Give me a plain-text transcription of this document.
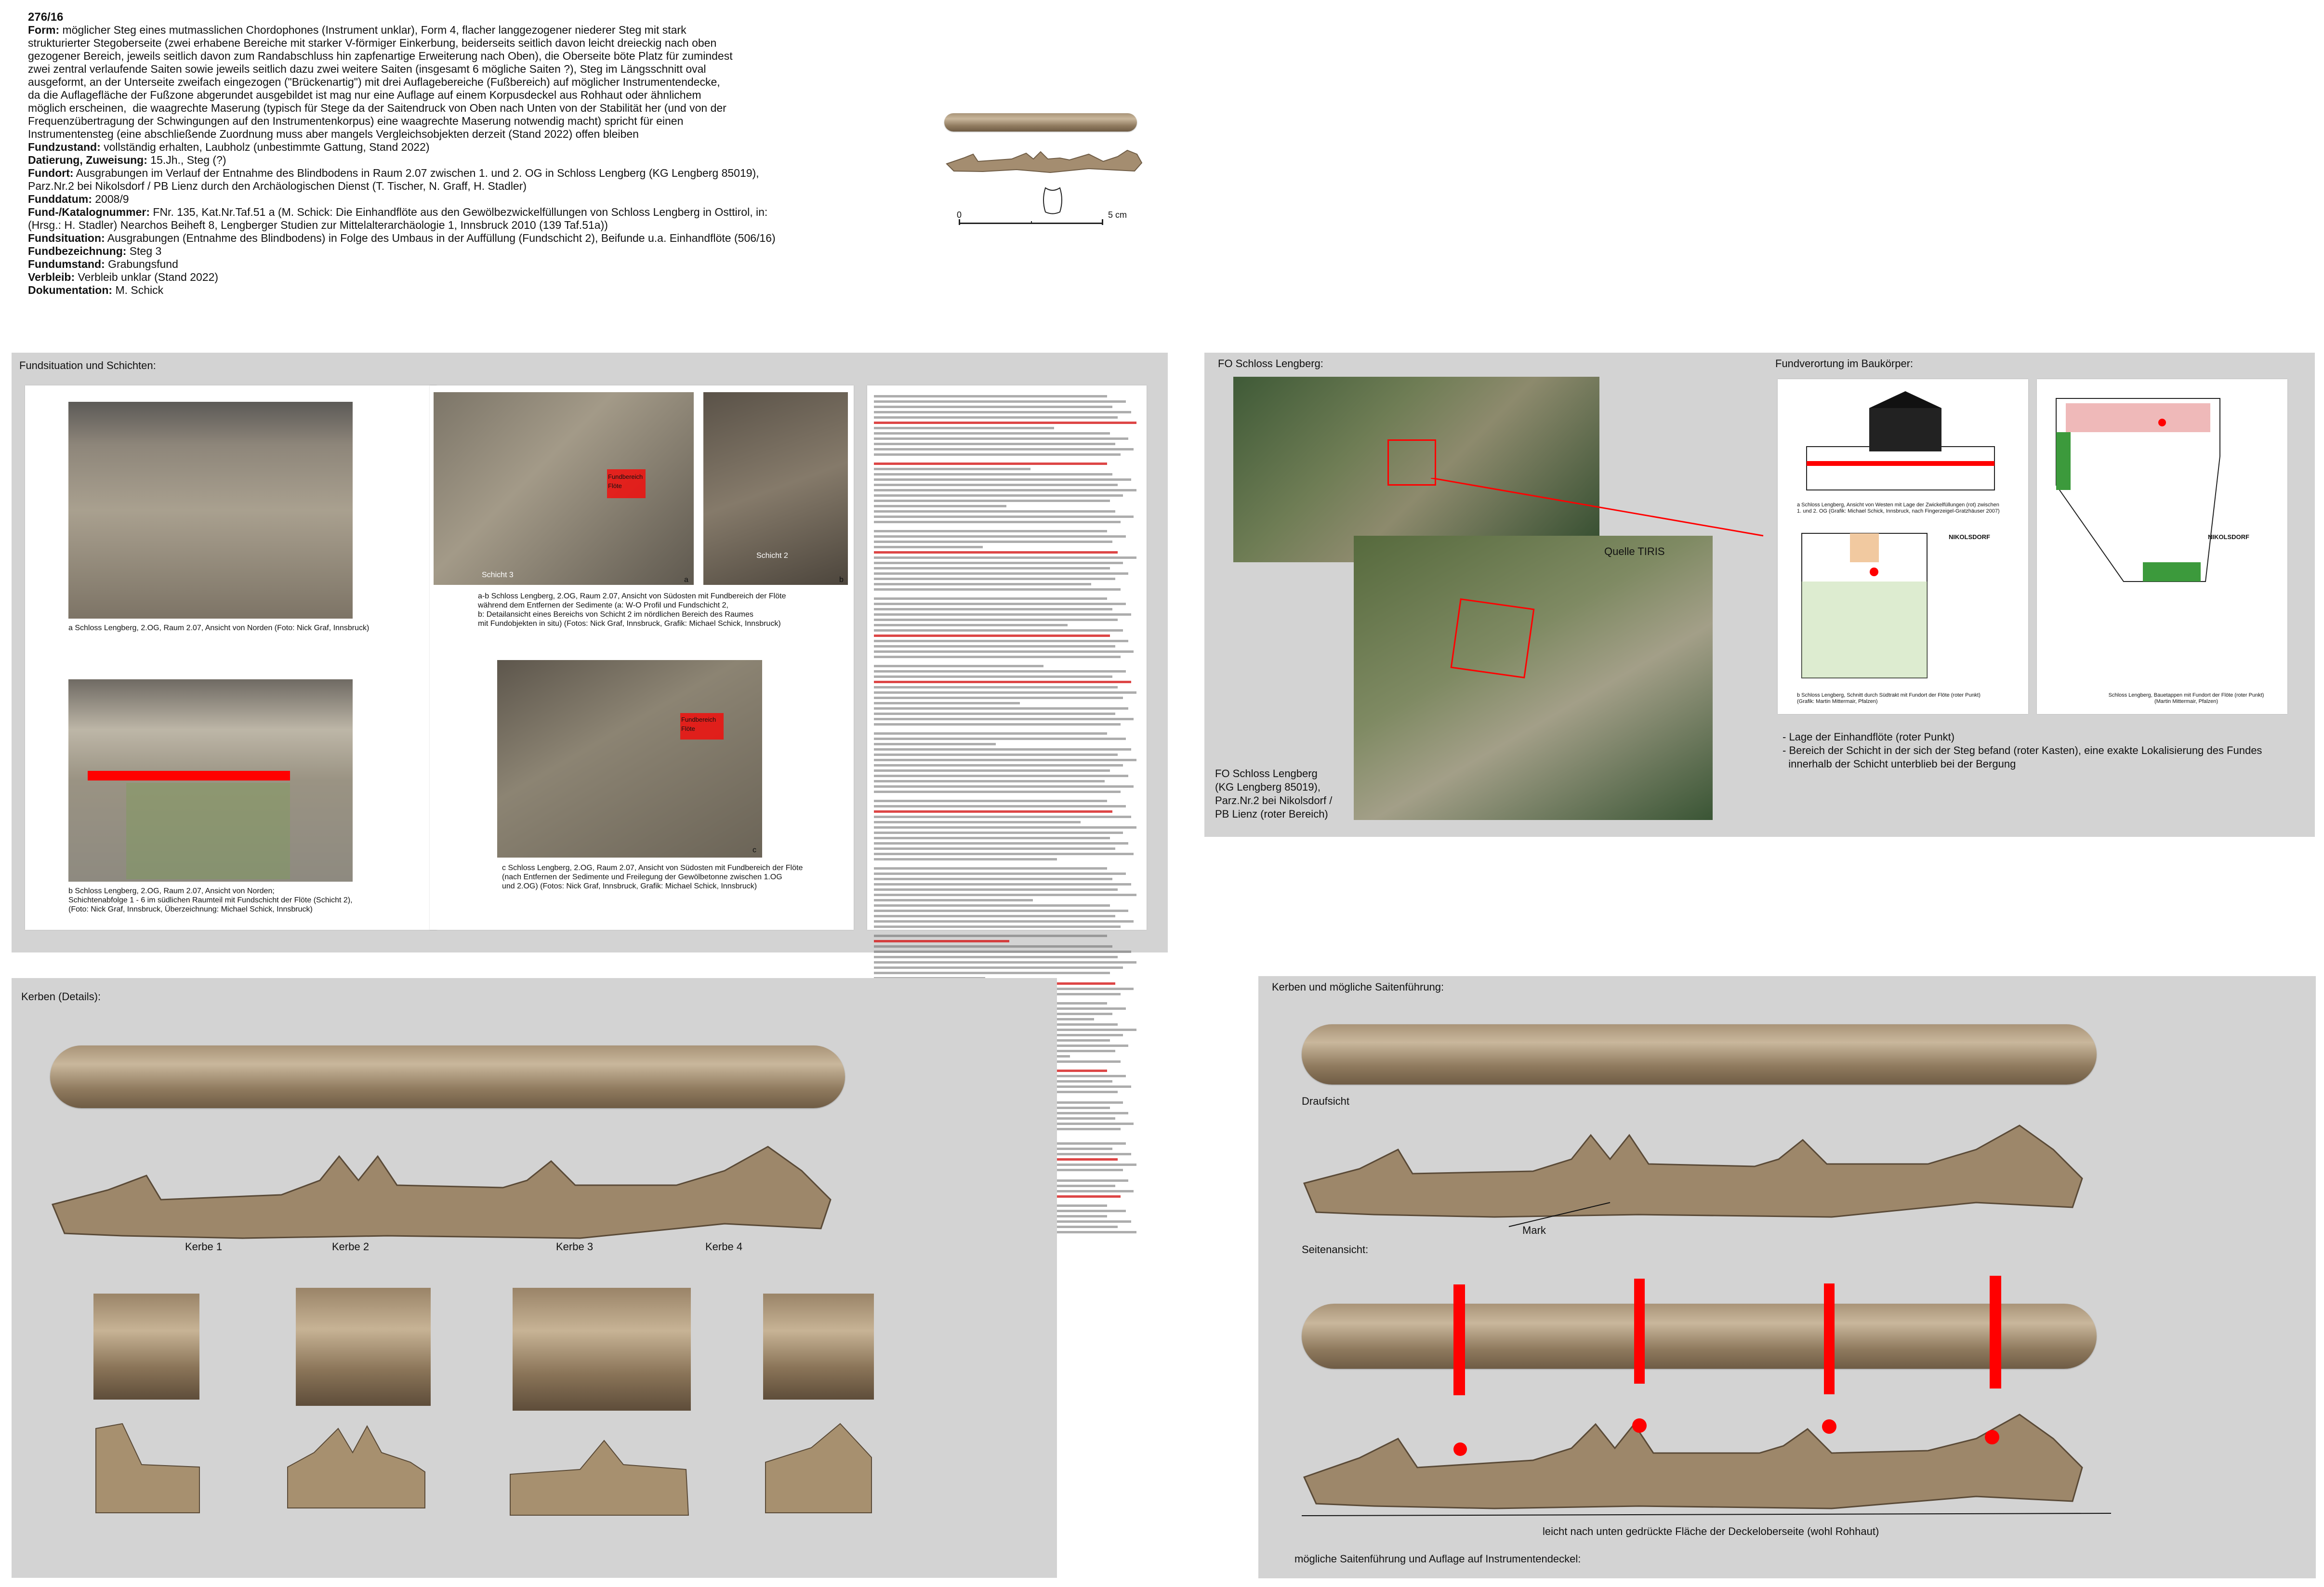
276/16
Form: möglicher Steg eines mutmasslichen Chordophones (Instrument unklar), Form 4, flacher langgezogener niederer Steg mit stark
strukturierter Stegoberseite (zwei erhabene Bereiche mit starker V-förmiger Einkerbung, beiderseits seitlich davon leicht dreieckig nach oben
gezogener Bereich, jeweils seitlich davon zum Randabschluss hin zapfenartige Erweiterung nach Oben), die Oberseite böte Platz für zumindest
zwei zentral verlaufende Saiten sowie jeweils seitlich dazu zwei weitere Saiten (insgesamt 6 mögliche Saiten ?), Steg im Längsschnitt oval
ausgeformt, an der Unterseite zweifach eingezogen ("Brückenartig") mit drei Auflagebereiche (Fußbereich) auf möglicher Instrumentendecke,
da die Auflagefläche der Fußzone abgerundet ausgebildet ist mag nur eine Auflage auf einem Korpusdeckel aus Rohhaut oder ähnlichem
möglich erscheinen,  die waagrechte Maserung (typisch für Stege da der Saitendruck von Oben nach Unten von der Stabilität her (und von der
Frequenzübertragung der Schwingungen auf den Instrumentenkorpus) eine waagrechte Maserung notwendig macht) spricht für einen
Instrumentensteg (eine abschließende Zuordnung muss aber mangels Vergleichsobjekten derzeit (Stand 2022) offen bleiben
Fundzustand: vollständig erhalten, Laubholz (unbestimmte Gattung, Stand 2022)
Datierung, Zuweisung: 15.Jh., Steg (?)
Fundort: Ausgrabungen im Verlauf der Entnahme des Blindbodens in Raum 2.07 zwischen 1. und 2. OG in Schloss Lengberg (KG Lengberg 85019),
Parz.Nr.2 bei Nikolsdorf / PB Lienz durch den Archäologischen Dienst (T. Tischer, N. Graff, H. Stadler)
Funddatum: 2008/9
Fund-/Katalognummer: FNr. 135, Kat.Nr.Taf.51 a (M. Schick: Die Einhandflöte aus den Gewölbezwickelfüllungen von Schloss Lengberg in Osttirol, in:
(Hrsg.: H. Stadler) Nearchos Beiheft 8, Lengberger Studien zur Mittelalterarchäologie 1, Innsbruck 2010 (139 Taf.51a))
Fundsituation: Ausgrabungen (Entnahme des Blindbodens) in Folge des Umbaus in der Auffüllung (Fundschicht 2), Beifunde u.a. Einhandflöte (506/16)
Fundbezeichnung: Steg 3
Fundumstand: Grabungsfund
Verbleib: Verbleib unklar (Stand 2022)
Dokumentation: M. Schick
0	5 cm
Fundsituation und Schichten:
a Schloss Lengberg, 2.OG, Raum 2.07, Ansicht von Norden (Foto: Nick Graf, Innsbruck)
b Schloss Lengberg, 2.OG, Raum 2.07, Ansicht von Norden;
Schichtenabfolge 1 - 6 im südlichen Raumteil mit Fundschicht der Flöte (Schicht 2),
(Foto: Nick Graf, Innsbruck, Überzeichnung: Michael Schick, Innsbruck)
Fundbereich
Flöte
Schicht 3
a
Schicht 2
b
a-b Schloss Lengberg, 2.OG, Raum 2.07, Ansicht von Südosten mit Fundbereich der Flöte
während dem Entfernen der Sedimente (a: W-O Profil und Fundschicht 2,
b: Detailansicht eines Bereichs von Schicht 2 im nördlichen Bereich des Raumes
mit Fundobjekten in situ) (Fotos: Nick Graf, Innsbruck, Grafik: Michael Schick, Innsbruck)
Fundbereich
Flöte
c
c Schloss Lengberg, 2.OG, Raum 2.07, Ansicht von Südosten mit Fundbereich der Flöte
(nach Entfernen der Sedimente und Freilegung der Gewölbetonne zwischen 1.OG
und 2.OG) (Fotos: Nick Graf, Innsbruck, Grafik: Michael Schick, Innsbruck)
FO Schloss Lengberg:
Quelle TIRIS
FO Schloss Lengberg
(KG Lengberg 85019),
Parz.Nr.2 bei Nikolsdorf /
PB Lienz (roter Bereich)
Fundverortung im Baukörper:
a Schloss Lengberg, Ansicht von Westen mit Lage der Zwickelfüllungen (rot) zwischen
1. und 2. OG (Grafik: Michael Schick, Innsbruck, nach Fingerzeigel-Gratzhäuser 2007)
NIKOLSDORF
b Schloss Lengberg, Schnitt durch Südtrakt mit Fundort der Flöte (roter Punkt)
(Grafik: Martin Mittermair, Pfalzen)
NIKOLSDORF
Schloss Lengberg, Bauetappen mit Fundort der Flöte (roter Punkt)
(Martin Mittermair, Pfalzen)
- Lage der Einhandflöte (roter Punkt)
- Bereich der Schicht in der sich der Steg befand (roter Kasten), eine exakte Lokalisierung des Fundes
innerhalb der Schicht unterblieb bei der Bergung
Kerben (Details):
Kerbe 1	Kerbe 2	Kerbe 3	Kerbe 4
Kerben und mögliche Saitenführung:
Draufsicht
Mark
Seitenansicht:
leicht nach unten gedrückte Fläche der Deckeloberseite (wohl Rohhaut)
mögliche Saitenführung und Auflage auf Instrumentendeckel:
